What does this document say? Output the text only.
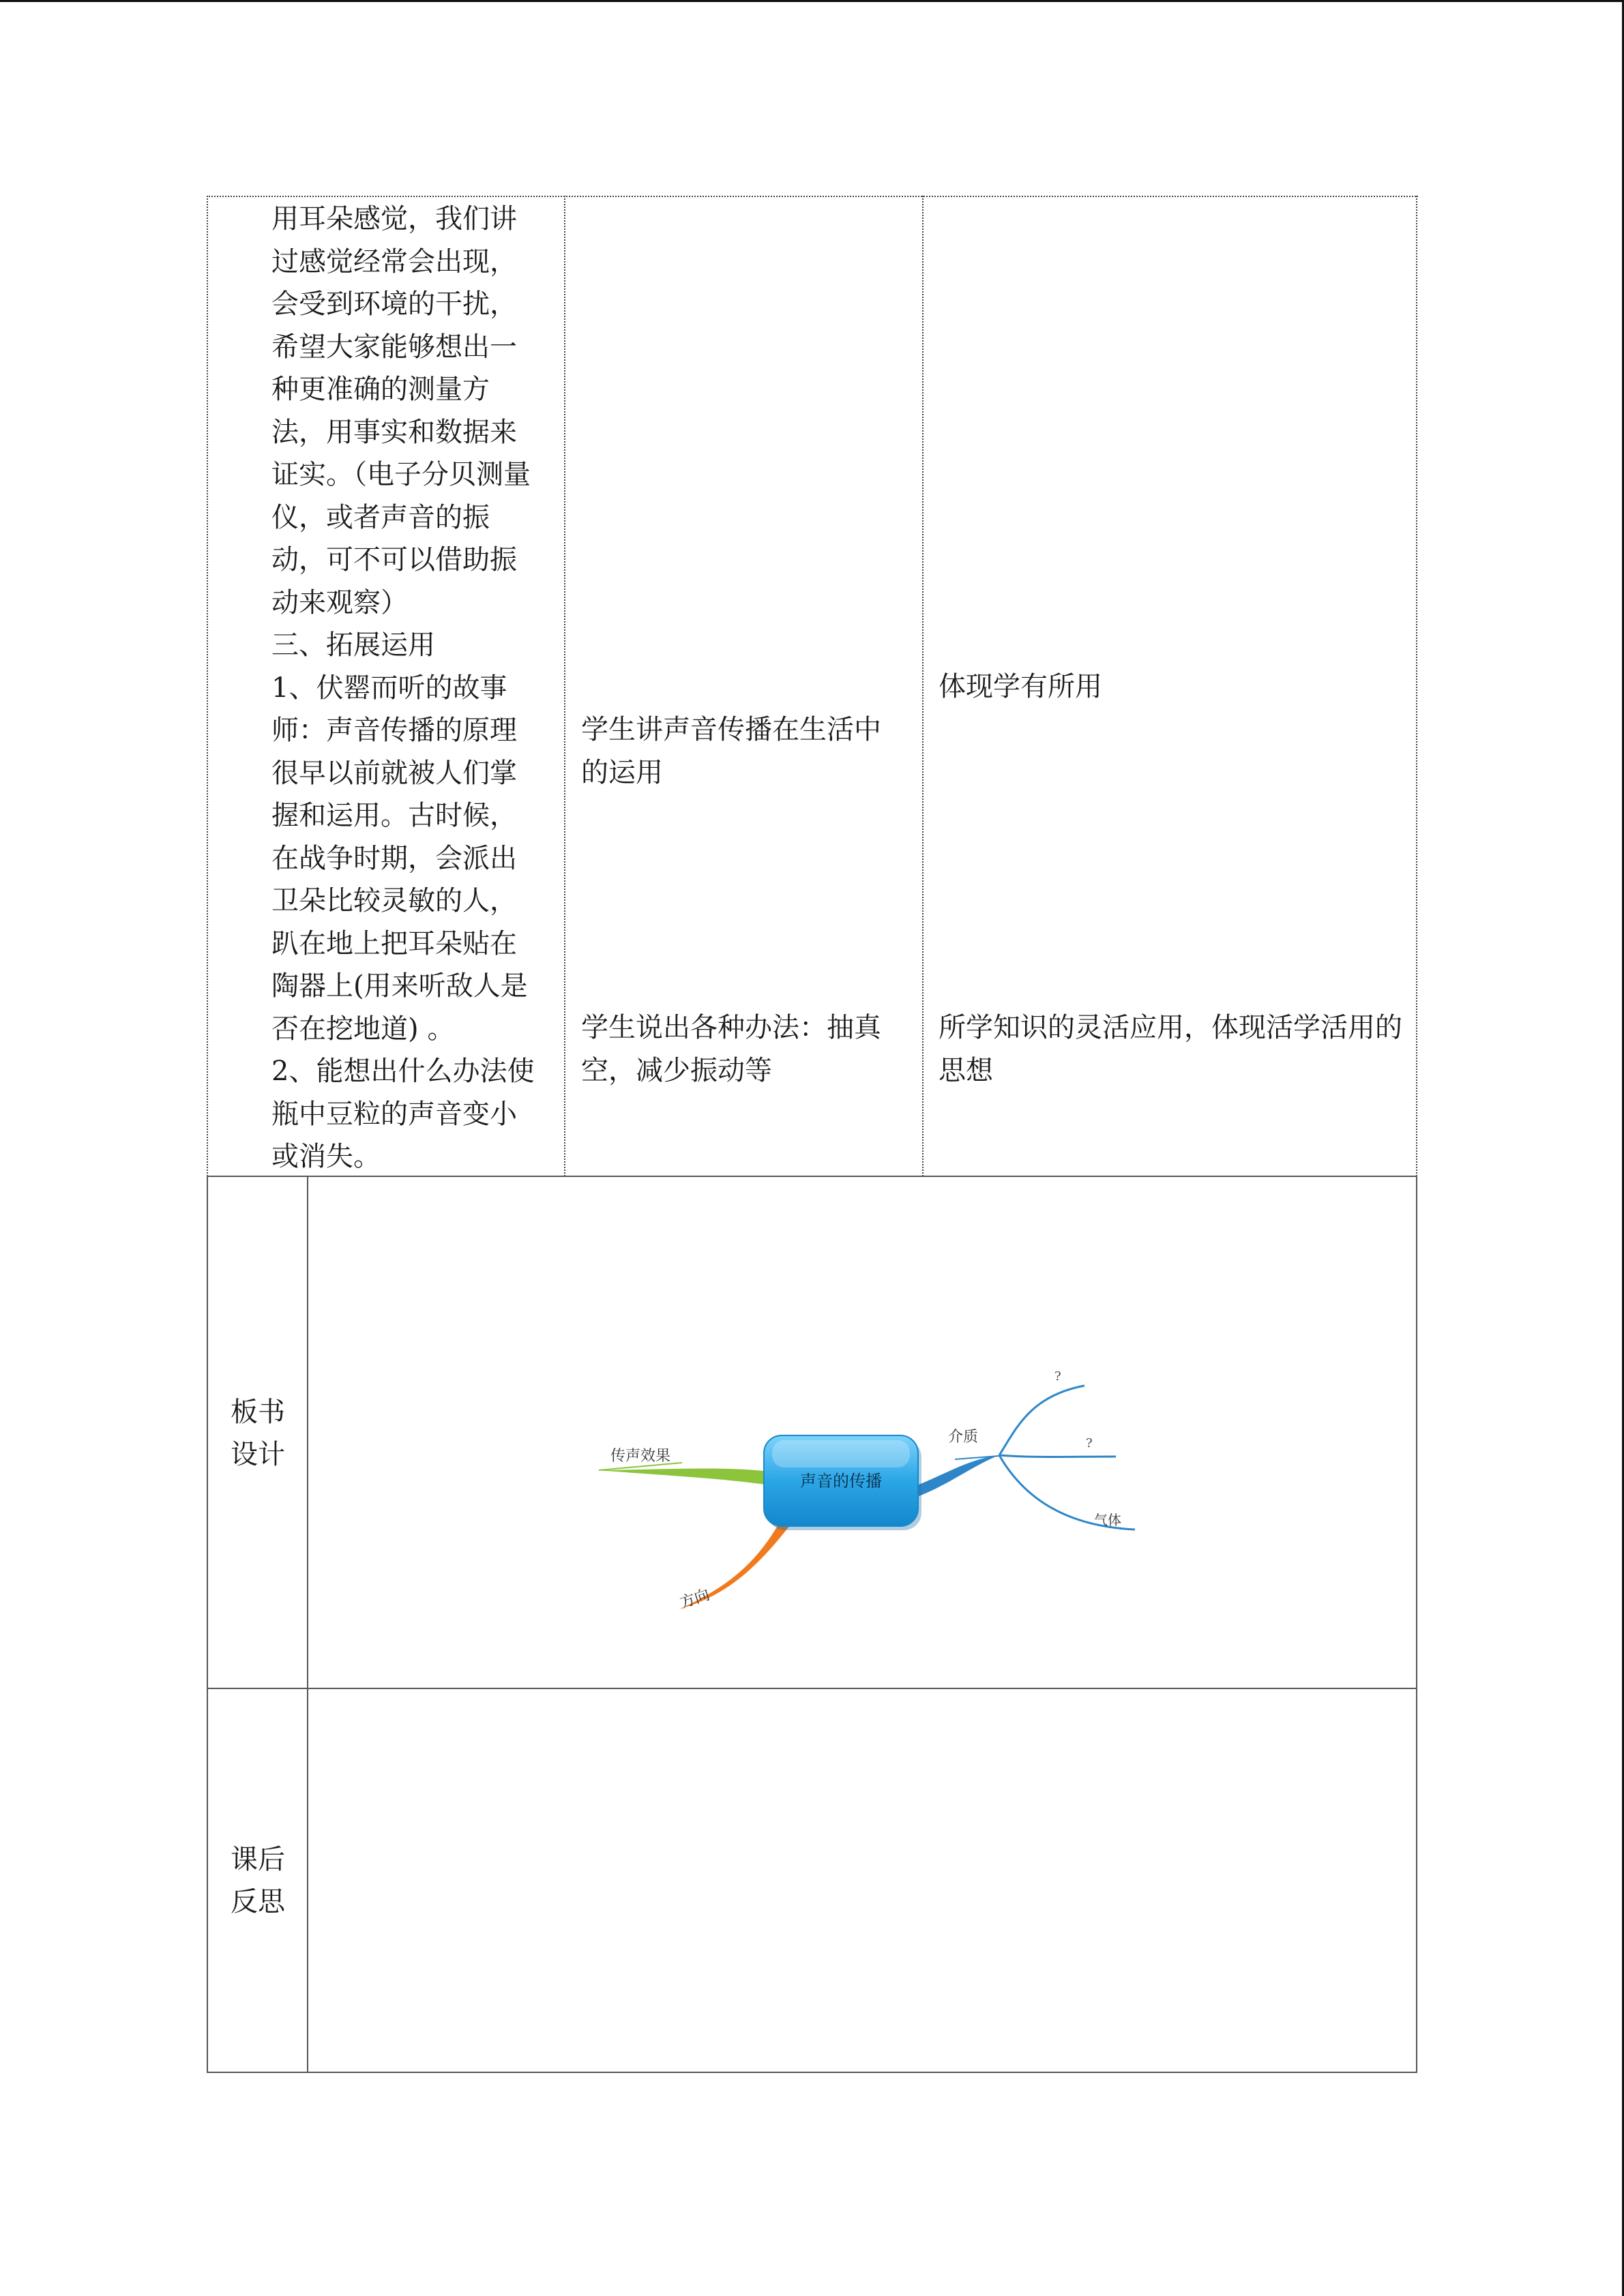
用耳朵感觉，我们讲
过感觉经常会出现，
会受到环境的干扰，
希望大家能够想出一
种更准确的测量方
法，用事实和数据来
证实。（电子分贝测量
仪，或者声音的振
动，可不可以借助振
动来观察）
三、拓展运用
1、伏罂而听的故事
师：声音传播的原理
很早以前就被人们掌
握和运用。古时候，
在战争时期，会派出
卫朵比较灵敏的人，
趴在地上把耳朵贴在
陶器上(用来听敌人是
否在挖地道) 。
2、能想出什么办法使
瓶中豆粒的声音变小
或消失。
学生讲声音传播在生活中
的运用
学生说出各种办法：抽真
空，减少振动等
体现学有所用
所学知识的灵活应用，体现活学活用的
思想
板书
设计
课后
反思
传声效果
方向
介质
?
?
气体
声音的传播
